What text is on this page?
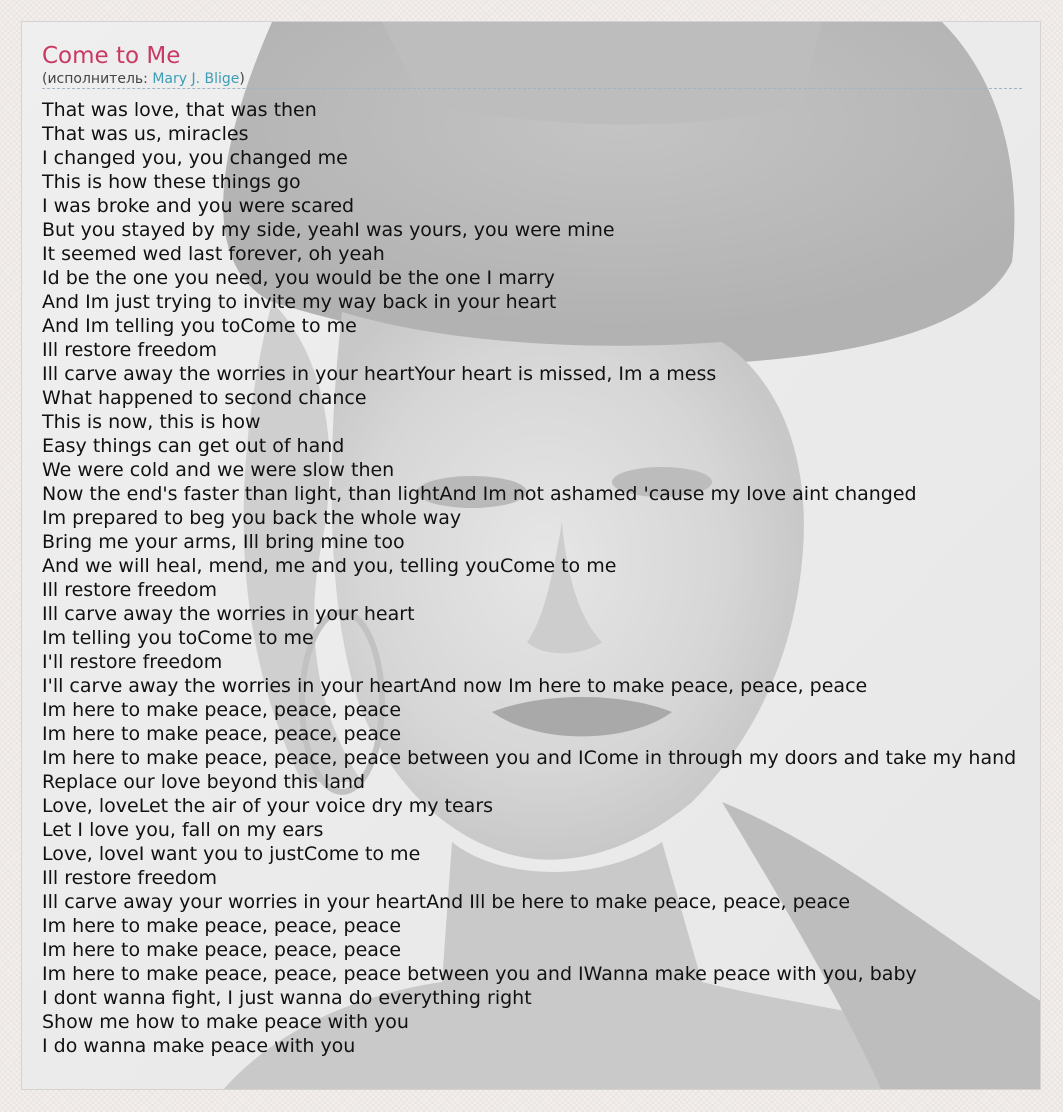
Come to Me
(исполнитель: Mary J. Blige)
That was love, that was then
That was us, miracles
I changed you, you changed me
This is how these things go
I was broke and you were scared
But you stayed by my side, yeahI was yours, you were mine
It seemed wed last forever, oh yeah
Id be the one you need, you would be the one I marry
And Im just trying to invite my way back in your heart
And Im telling you toCome to me
Ill restore freedom
Ill carve away the worries in your heartYour heart is missed, Im a mess
What happened to second chance
This is now, this is how
Easy things can get out of hand
We were cold and we were slow then
Now the end's faster than light, than lightAnd Im not ashamed 'cause my love aint changed
Im prepared to beg you back the whole way
Bring me your arms, Ill bring mine too
And we will heal, mend, me and you, telling youCome to me
Ill restore freedom
Ill carve away the worries in your heart
Im telling you toCome to me
I'll restore freedom
I'll carve away the worries in your heartAnd now Im here to make peace, peace, peace
Im here to make peace, peace, peace
Im here to make peace, peace, peace
Im here to make peace, peace, peace between you and ICome in through my doors and take my hand
Replace our love beyond this land
Love, loveLet the air of your voice dry my tears
Let I love you, fall on my ears
Love, loveI want you to justCome to me
Ill restore freedom
Ill carve away your worries in your heartAnd Ill be here to make peace, peace, peace
Im here to make peace, peace, peace
Im here to make peace, peace, peace
Im here to make peace, peace, peace between you and IWanna make peace with you, baby
I dont wanna fight, I just wanna do everything right
Show me how to make peace with you
I do wanna make peace with you
